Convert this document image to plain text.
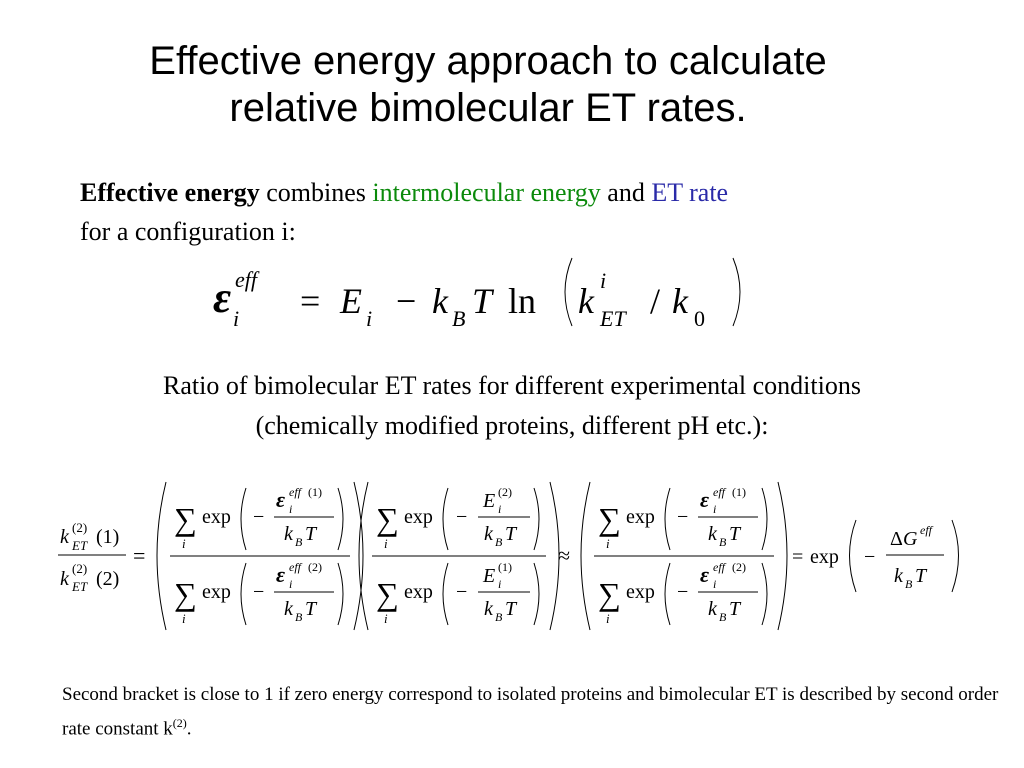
Effective energy approach to calculate
relative bimolecular ET rates.
Effective energy combines intermolecular energy and ET rate
for a configuration i:
ε eff
i = E i − k B T ln k
i
ET / k 0
Ratio of bimolecular ET rates for different experimental conditions
(chemically modified proteins, different pH etc.):
k (2)
ET (1)
k (2)
ET (2)
=
∑
i
exp −
ε eff (1)
i
k B T
∑
i
exp −
ε eff (2)
i
k B T
∑
i
exp −
E (2)
i
k B T
∑
i
exp −
E (1)
i
k B T
≈
∑
i
exp −
ε eff (1)
i
k B T
∑
i
exp −
ε eff (2)
i
k B T
= exp −
Δ G eff
k B T
Second bracket is close to 1 if zero energy correspond to isolated proteins and bimolecular ET is described by second order rate constant $k^{(2)}$.
